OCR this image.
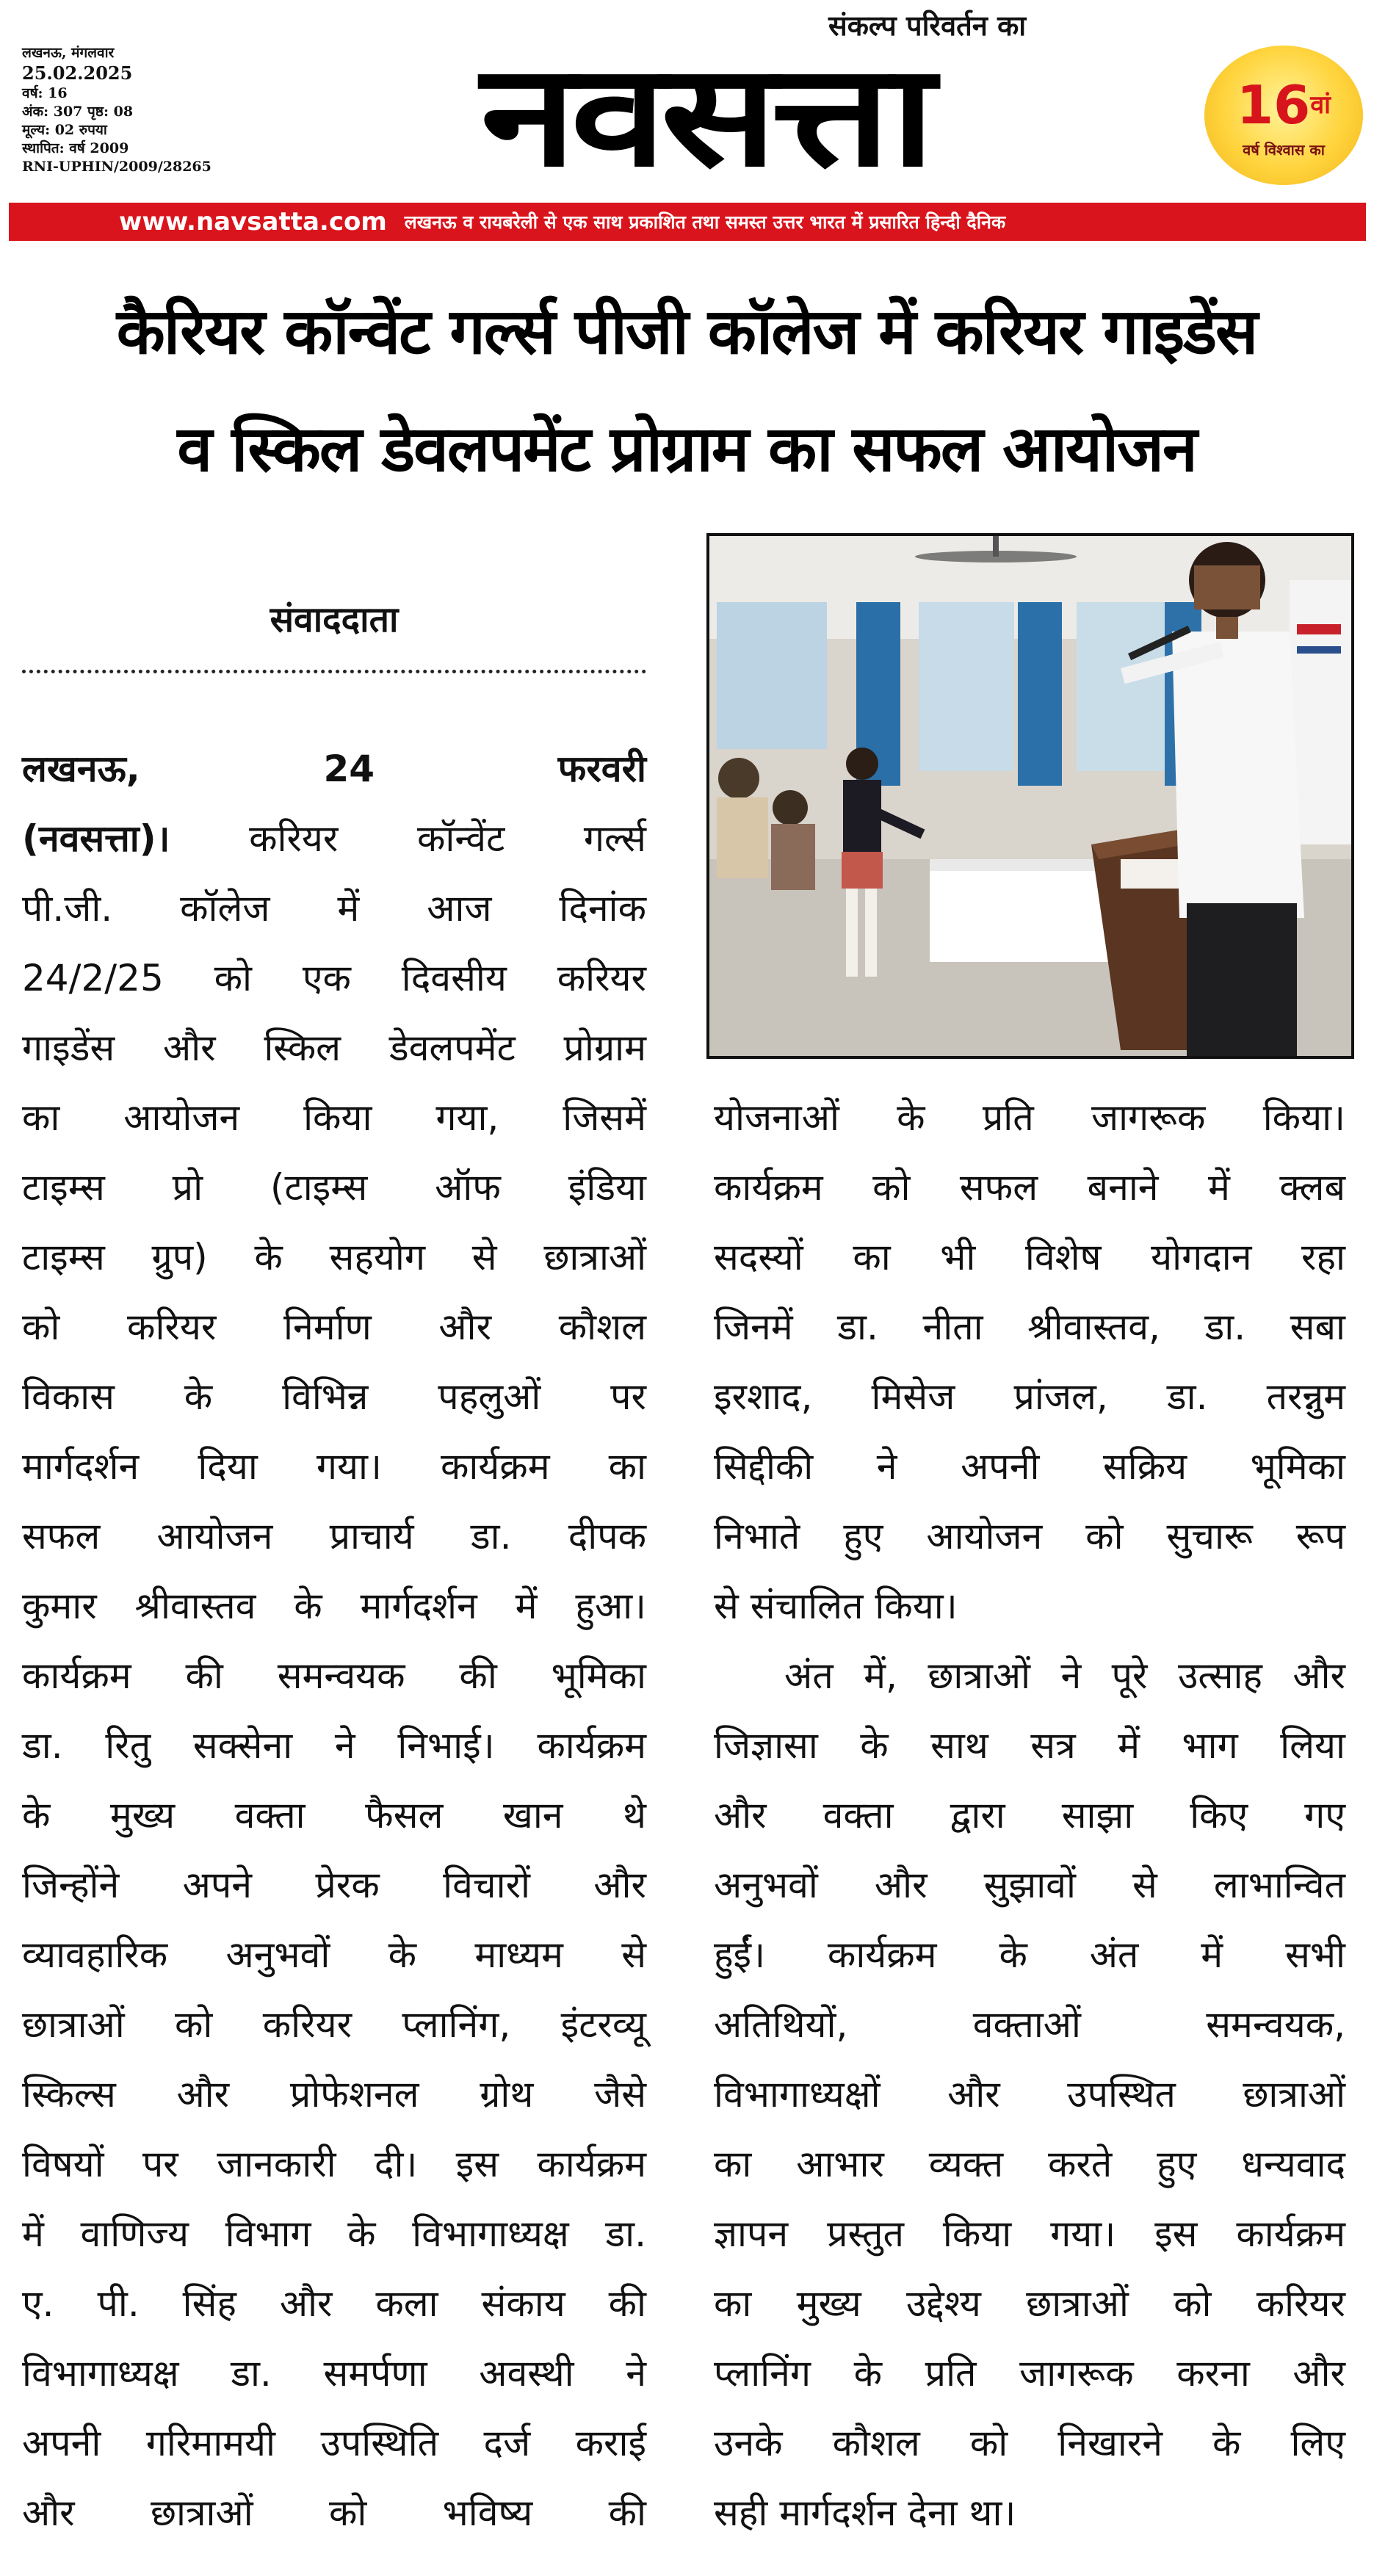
लखनऊ, मंगलवार
25.02.2025
वर्ष: 16
अंक: 307 पृष्ठ: 08
मूल्य: 02 रुपया
स्थापित: वर्ष 2009
RNI-UPHIN/2009/28265
संकल्प परिवर्तन का
नवसत्ता	$16^{वां}$
वर्ष विश्वास का
www.navsatta.com लखनऊ व रायबरेली से एक साथ प्रकाशित तथा समस्त उत्तर भारत में प्रसारित हिन्दी दैनिक
कैरियर कॉन्वेंट गर्ल्स पीजी कॉलेज में करियर गाइडेंस
व स्किल डेवलपमेंट प्रोग्राम का सफल आयोजन
संवाददाता
लखनऊ, 24 फरवरी
(नवसत्ता)। करियर कॉन्वेंट गर्ल्स
पी.जी. कॉलेज में आज दिनांक
24/2/25 को एक दिवसीय करियर
गाइडेंस और स्किल डेवलपमेंट प्रोग्राम
का आयोजन किया गया, जिसमें
टाइम्स प्रो (टाइम्स ऑफ इंडिया
टाइम्स ग्रुप) के सहयोग से छात्राओं
को करियर निर्माण और कौशल
विकास के विभिन्न पहलुओं पर
मार्गदर्शन दिया गया। कार्यक्रम का
सफल आयोजन प्राचार्य डा. दीपक
कुमार श्रीवास्तव के मार्गदर्शन में हुआ।
कार्यक्रम की समन्वयक की भूमिका
डा. रितु सक्सेना ने निभाई। कार्यक्रम
के मुख्य वक्ता फैसल खान थे
जिन्होंने अपने प्रेरक विचारों और
व्यावहारिक अनुभवों के माध्यम से
छात्राओं को करियर प्लानिंग, इंटरव्यू
स्किल्स और प्रोफेशनल ग्रोथ जैसे
विषयों पर जानकारी दी। इस कार्यक्रम
में वाणिज्य विभाग के विभागाध्यक्ष डा.
ए. पी. सिंह और कला संकाय की
विभागाध्यक्ष डा. समर्पणा अवस्थी ने
अपनी गरिमामयी उपस्थिति दर्ज कराई
और छात्राओं को भविष्य की
योजनाओं के प्रति जागरूक किया।
कार्यक्रम को सफल बनाने में क्लब
सदस्यों का भी विशेष योगदान रहा
जिनमें डा. नीता श्रीवास्तव, डा. सबा
इरशाद, मिसेज प्रांजल, डा. तरन्नुम
सिद्दीकी ने अपनी सक्रिय भूमिका
निभाते हुए आयोजन को सुचारू रूप
से संचालित किया।
अंत में, छात्राओं ने पूरे उत्साह और
जिज्ञासा के साथ सत्र में भाग लिया
और वक्ता द्वारा साझा किए गए
अनुभवों और सुझावों से लाभान्वित
हुईं। कार्यक्रम के अंत में सभी
अतिथियों, वक्ताओं समन्वयक,
विभागाध्यक्षों और उपस्थित छात्राओं
का आभार व्यक्त करते हुए धन्यवाद
ज्ञापन प्रस्तुत किया गया। इस कार्यक्रम
का मुख्य उद्देश्य छात्राओं को करियर
प्लानिंग के प्रति जागरूक करना और
उनके कौशल को निखारने के लिए
सही मार्गदर्शन देना था।
